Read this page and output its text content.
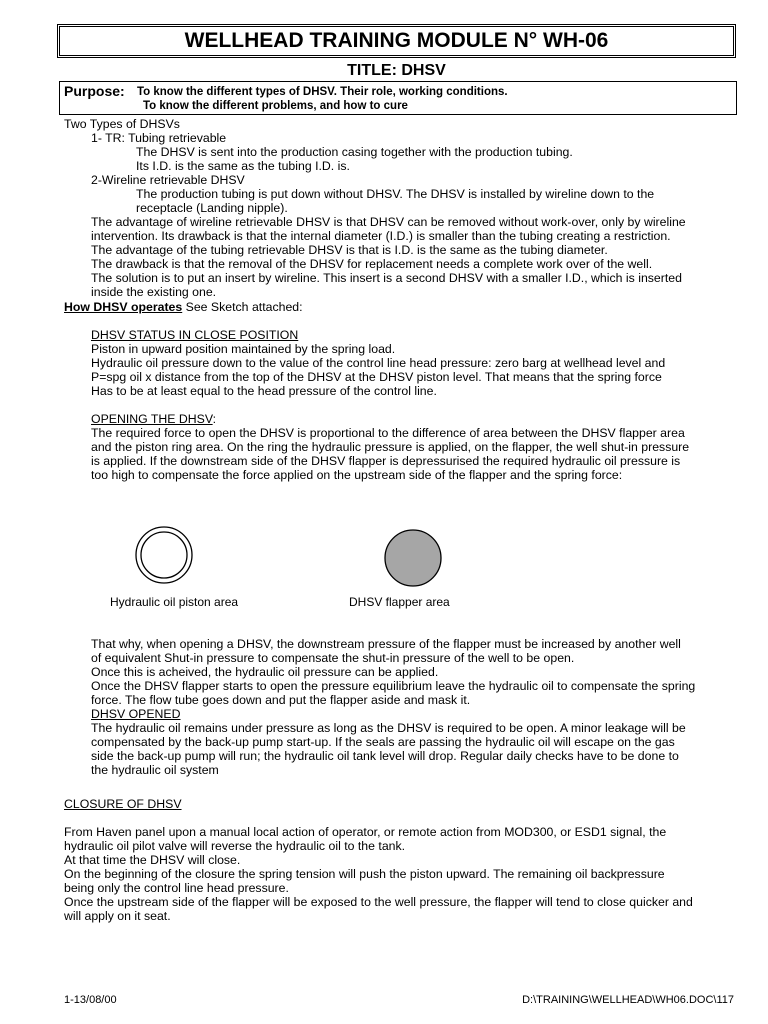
WELLHEAD TRAINING MODULE N° WH-06
TITLE: DHSV
Purpose: To know the different types of DHSV. Their role, working conditions.
To know the different problems, and how to cure
Two Types of DHSVs
1- TR: Tubing retrievable
The DHSV is sent into the production casing together with the production tubing.
Its I.D. is the same as the tubing I.D. is.
2-Wireline retrievable DHSV
The production tubing is put down without DHSV. The DHSV is installed by wireline down to the
receptacle (Landing nipple).
The advantage of wireline retrievable DHSV is that DHSV can be removed without work-over, only by wireline
intervention. Its drawback is that the internal diameter (I.D.) is smaller than the tubing creating a restriction.
The advantage of the tubing retrievable DHSV is that is I.D. is the same as the tubing diameter.
The drawback is that the removal of the DHSV for replacement needs a complete work over of the well.
The solution is to put an insert by wireline. This insert is a second DHSV with a smaller I.D., which is inserted
inside the existing one.
How DHSV operates See Sketch attached:
DHSV STATUS IN CLOSE POSITION
Piston in upward position maintained by the spring load.
Hydraulic oil pressure down to the value of the control line head pressure: zero barg at wellhead level and
P=spg oil x distance from the top of the DHSV at the DHSV piston level. That means that the spring force
Has to be at least equal to the head pressure of the control line.
OPENING THE DHSV:
The required force to open the DHSV is proportional to the difference of area between the DHSV flapper area
and the piston ring area. On the ring the hydraulic pressure is applied, on the flapper, the well shut-in pressure
is applied. If the downstream side of the DHSV flapper is depressurised the required hydraulic oil pressure is
too high to compensate the force applied on the upstream side of the flapper and the spring force:
Hydraulic oil piston area	DHSV flapper area
That why, when opening a DHSV, the downstream pressure of the flapper must be increased by another well
of equivalent Shut-in pressure to compensate the shut-in pressure of the well to be open.
Once this is acheived, the hydraulic oil pressure can be applied.
Once the DHSV flapper starts to open the pressure equilibrium leave the hydraulic oil to compensate the spring
force. The flow tube goes down and put the flapper aside and mask it.
DHSV OPENED
The hydraulic oil remains under pressure as long as the DHSV is required to be open. A minor leakage will be
compensated by the back-up pump start-up. If the seals are passing the hydraulic oil will escape on the gas
side the back-up pump will run; the hydraulic oil tank level will drop. Regular daily checks have to be done to
the hydraulic oil system
CLOSURE OF DHSV
From Haven panel upon a manual local action of operator, or remote action from MOD300, or ESD1 signal, the
hydraulic oil pilot valve will reverse the hydraulic oil to the tank.
At that time the DHSV will close.
On the beginning of the closure the spring tension will push the piston upward. The remaining oil backpressure
being only the control line head pressure.
Once the upstream side of the flapper will be exposed to the well pressure, the flapper will tend to close quicker and
will apply on it seat.
1-13/08/00	D:\TRAINING\WELLHEAD\WH06.DOC\117
